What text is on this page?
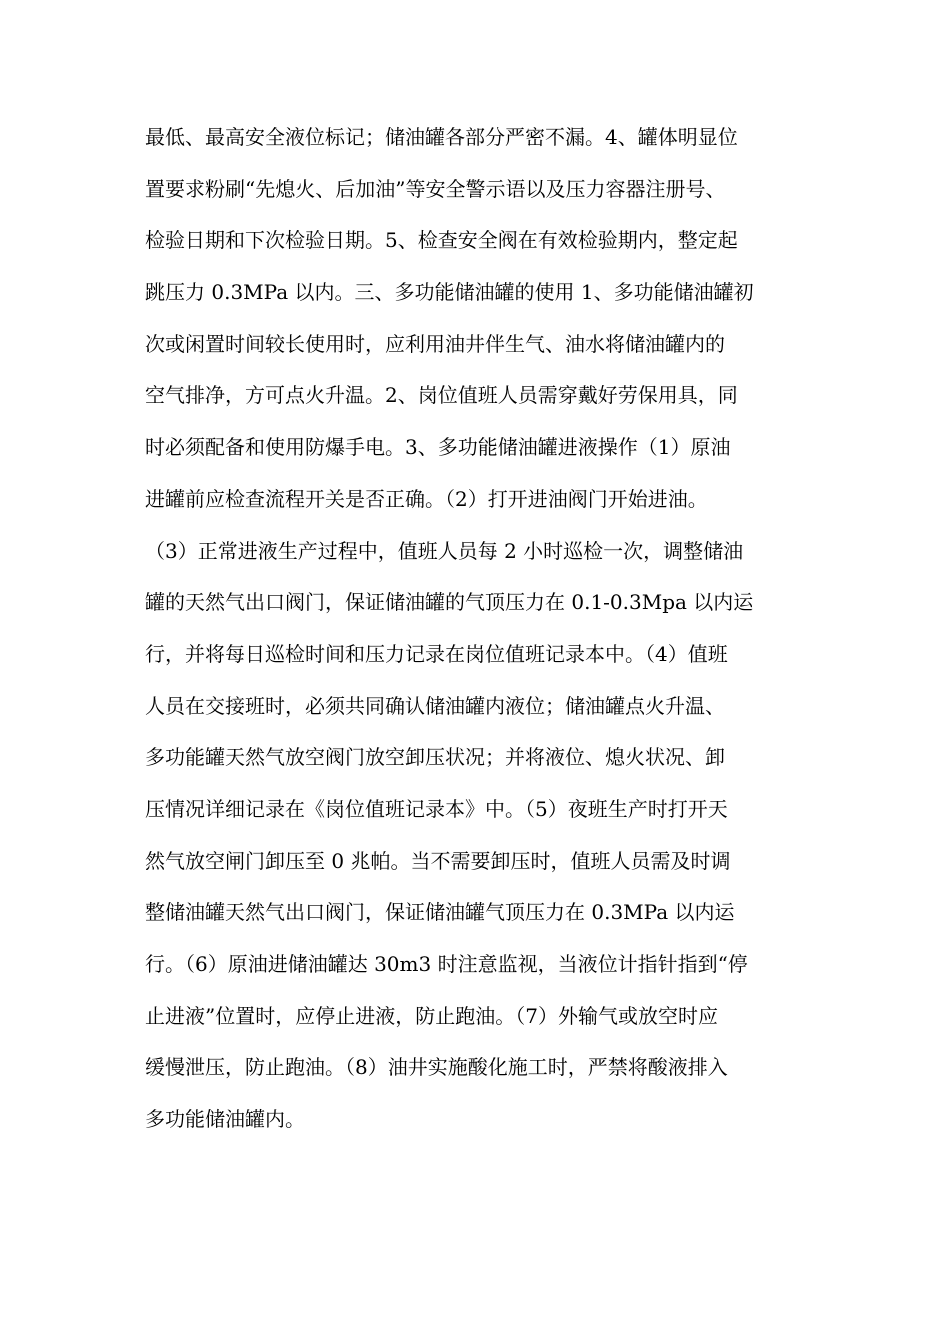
最低、最高安全液位标记；储油罐各部分严密不漏。4、罐体明显位
置要求粉刷“先熄火、后加油”等安全警示语以及压力容器注册号、
检验日期和下次检验日期。5、检查安全阀在有效检验期内，整定起
跳压力 0.3MPa 以内。三、多功能储油罐的使用 1、多功能储油罐初
次或闲置时间较长使用时，应利用油井伴生气、油水将储油罐内的
空气排净，方可点火升温。2、岗位值班人员需穿戴好劳保用具，同
时必须配备和使用防爆手电。3、多功能储油罐进液操作（1）原油
进罐前应检查流程开关是否正确。（2）打开进油阀门开始进油。
（3）正常进液生产过程中，值班人员每 2 小时巡检一次，调整储油
罐的天然气出口阀门，保证储油罐的气顶压力在 0.1-0.3Mpa 以内运
行，并将每日巡检时间和压力记录在岗位值班记录本中。（4）值班
人员在交接班时，必须共同确认储油罐内液位；储油罐点火升温、
多功能罐天然气放空阀门放空卸压状况；并将液位、熄火状况、卸
压情况详细记录在《岗位值班记录本》中。（5）夜班生产时打开天
然气放空闸门卸压至 0 兆帕。当不需要卸压时，值班人员需及时调
整储油罐天然气出口阀门，保证储油罐气顶压力在 0.3MPa 以内运
行。（6）原油进储油罐达 30m3 时注意监视，当液位计指针指到“停
止进液”位置时，应停止进液，防止跑油。（7）外输气或放空时应
缓慢泄压，防止跑油。（8）油井实施酸化施工时，严禁将酸液排入
多功能储油罐内。
